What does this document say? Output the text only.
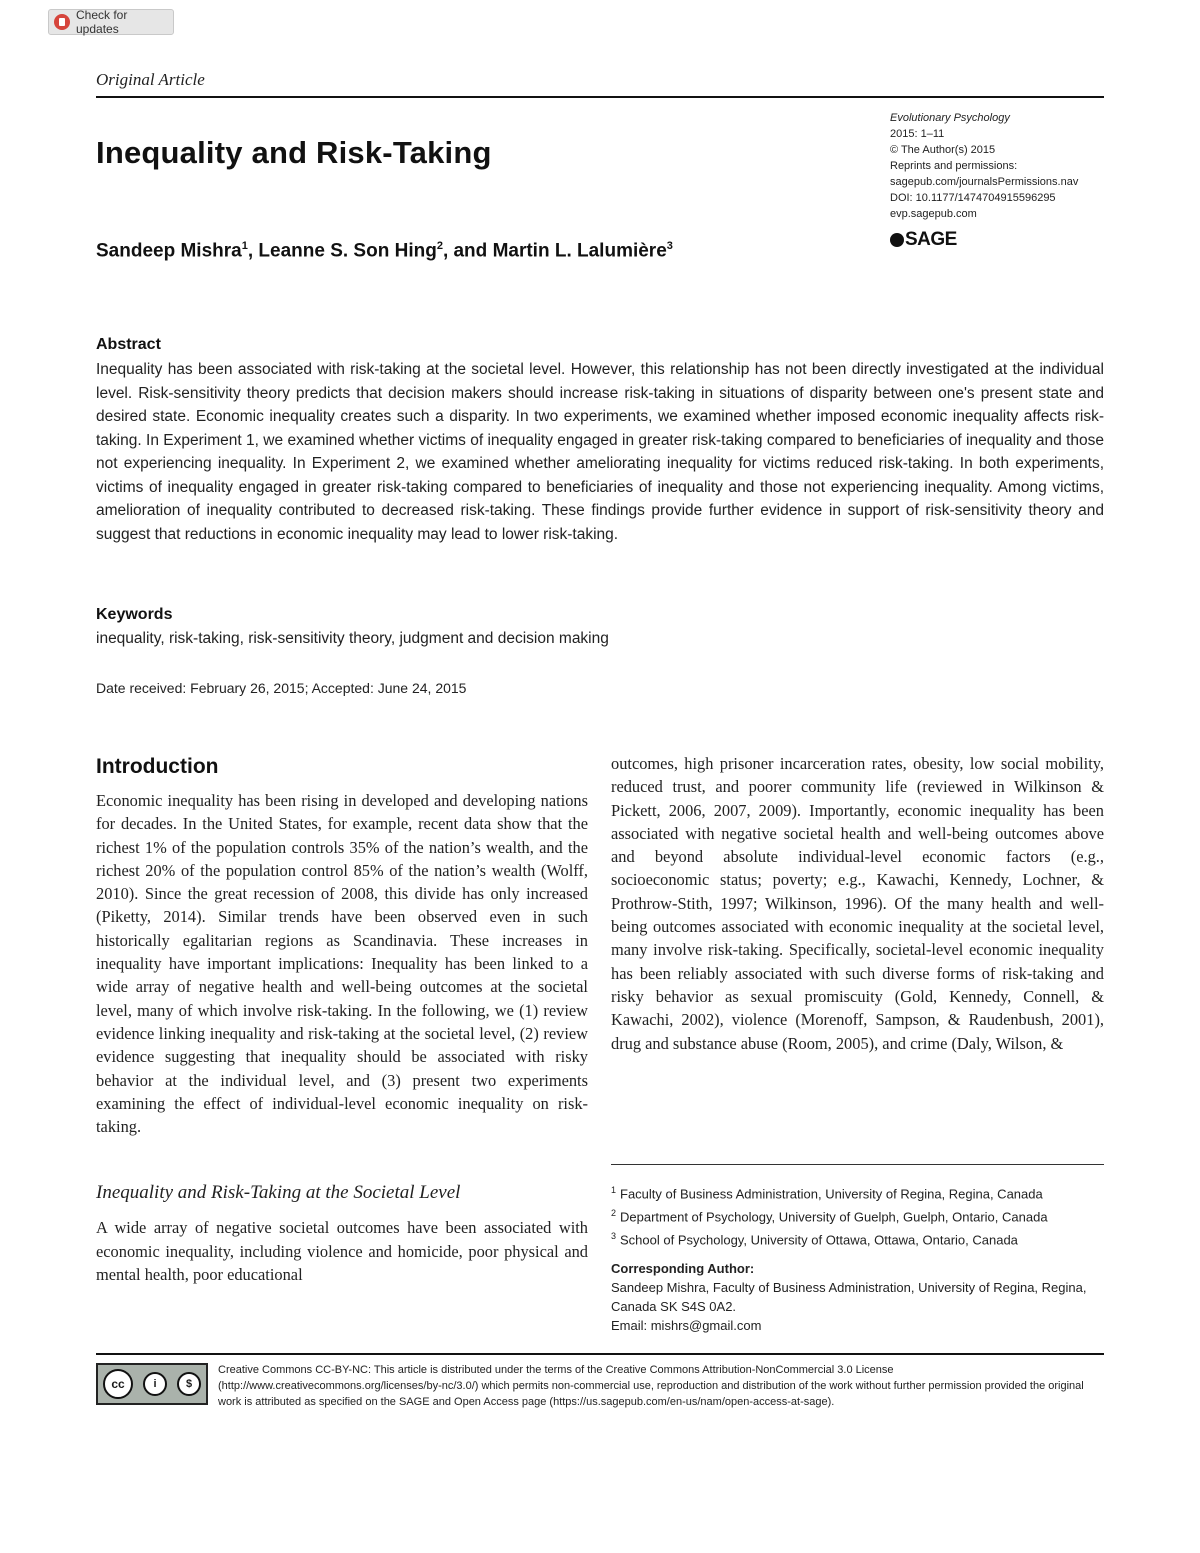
Check for updates
Original Article
Inequality and Risk-Taking
Sandeep Mishra$^1$, Leanne S. Son Hing$^2$, and Martin L. Lalumière$^3$
Evolutionary Psychology
2015: 1–11
© The Author(s) 2015
Reprints and permissions:
sagepub.com/journalsPermissions.nav
DOI: 10.1177/1474704915596295
evp.sagepub.com
SAGE
Abstract

Inequality has been associated with risk-taking at the societal level. However, this relationship has not been directly investigated at the individual level. Risk-sensitivity theory predicts that decision makers should increase risk-taking in situations of disparity between one's present state and desired state. Economic inequality creates such a disparity. In two experiments, we examined whether imposed economic inequality affects risk-taking. In Experiment 1, we examined whether victims of inequality engaged in greater risk-taking compared to beneficiaries of inequality and those not experiencing inequality. In Experiment 2, we examined whether ameliorating inequality for victims reduced risk-taking. In both experiments, victims of inequality engaged in greater risk-taking compared to beneficiaries of inequality and those not experiencing inequality. Among victims, amelioration of inequality contributed to decreased risk-taking. These findings provide further evidence in support of risk-sensitivity theory and suggest that reductions in economic inequality may lead to lower risk-taking.

Keywords
inequality, risk-taking, risk-sensitivity theory, judgment and decision making
Date received: February 26, 2015; Accepted: June 24, 2015
Introduction

Economic inequality has been rising in developed and developing nations for decades. In the United States, for example, recent data show that the richest 1% of the population controls 35% of the nation’s wealth, and the richest 20% of the population control 85% of the nation’s wealth (Wolff, 2010). Since the great recession of 2008, this divide has only increased (Piketty, 2014). Similar trends have been observed even in such historically egalitarian regions as Scandinavia. These increases in inequality have important implications: Inequality has been linked to a wide array of negative health and well-being outcomes at the societal level, many of which involve risk-taking. In the following, we (1) review evidence linking inequality and risk-taking at the societal level, (2) review evidence suggesting that inequality should be associated with risky behavior at the individual level, and (3) present two experiments examining the effect of individual-level economic inequality on risk-taking.

Inequality and Risk-Taking at the Societal Level

A wide array of negative societal outcomes have been associated with economic inequality, including violence and homicide, poor physical and mental health, poor educational

outcomes, high prisoner incarceration rates, obesity, low social mobility, reduced trust, and poorer community life (reviewed in Wilkinson & Pickett, 2006, 2007, 2009). Importantly, economic inequality has been associated with negative societal health and well-being outcomes above and beyond absolute individual-level economic factors (e.g., socioeconomic status; poverty; e.g., Kawachi, Kennedy, Lochner, & Prothrow-Stith, 1997; Wilkinson, 1996). Of the many health and well-being outcomes associated with economic inequality at the societal level, many involve risk-taking. Specifically, societal-level economic inequality has been reliably associated with such diverse forms of risk-taking and risky behavior as sexual promiscuity (Gold, Kennedy, Connell, & Kawachi, 2002), violence (Morenoff, Sampson, & Raudenbush, 2001), drug and substance abuse (Room, 2005), and crime (Daly, Wilson, &

$^1$ Faculty of Business Administration, University of Regina, Regina, Canada
$^2$ Department of Psychology, University of Guelph, Guelph, Ontario, Canada
$^3$ School of Psychology, University of Ottawa, Ottawa, Ontario, Canada
Corresponding Author:
Sandeep Mishra, Faculty of Business Administration, University of Regina, Regina, Canada SK S4S 0A2.
Email: mishrs@gmail.com
cc	i	$
Creative Commons CC-BY-NC: This article is distributed under the terms of the Creative Commons Attribution-NonCommercial 3.0 License (http://www.creativecommons.org/licenses/by-nc/3.0/) which permits non-commercial use, reproduction and distribution of the work without further permission provided the original work is attributed as specified on the SAGE and Open Access page (https://us.sagepub.com/en-us/nam/open-access-at-sage).
